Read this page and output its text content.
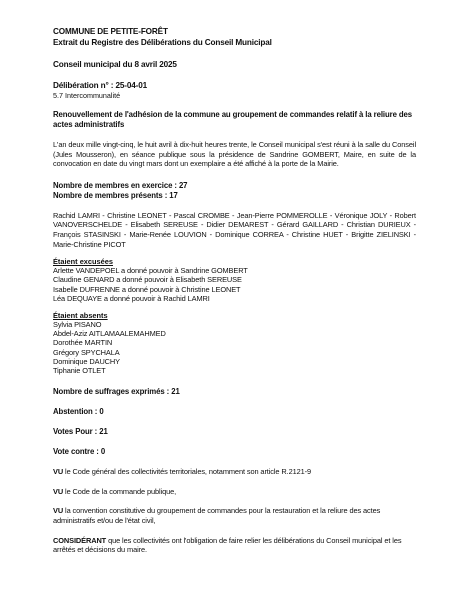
COMMUNE DE PETITE-FORÊT
Extrait du Registre des Délibérations du Conseil Municipal
Conseil municipal du 8 avril 2025
Délibération n° : 25-04-01
5.7 Intercommunalité
Renouvellement de l'adhésion de la commune au groupement de commandes relatif à la reliure des actes administratifs
L'an deux mille vingt-cinq, le huit avril à dix-huit heures trente, le Conseil municipal s'est réuni à la salle du Conseil (Jules Mousseron), en séance publique sous la présidence de Sandrine GOMBERT, Maire, en suite de la convocation en date du vingt mars dont un exemplaire a été affiché à la porte de la Mairie.
Nombre de membres en exercice : 27
Nombre de membres présents : 17
Rachid LAMRI - Christine LEONET - Pascal CROMBE - Jean-Pierre POMMEROLLE - Véronique JOLY - Robert VANOVERSCHELDE - Elisabeth SEREUSE - Didier DEMAREST - Gérard GAILLARD - Christian DURIEUX - François STASINSKI - Marie-Renée LOUVION - Dominique CORREA - Christine HUET - Brigitte ZIELINSKI - Marie-Christine PICOT
Étaient excusées
Arlette VANDEPOEL a donné pouvoir à Sandrine GOMBERT
Claudine GENARD a donné pouvoir à Elisabeth SEREUSE
Isabelle DUFRENNE a donné pouvoir à Christine LEONET
Léa DEQUAYE a donné pouvoir à Rachid LAMRI
Étaient absents
Sylvia PISANO
Abdel-Aziz AITLAMAALEMAHMED
Dorothée MARTIN
Grégory SPYCHALA
Dominique DAUCHY
Tiphanie OTLET
Nombre de suffrages exprimés : 21
Abstention : 0
Votes Pour : 21
Vote contre : 0
VU le Code général des collectivités territoriales, notamment son article R.2121-9
VU le Code de la commande publique,
VU la convention constitutive du groupement de commandes pour la restauration et la reliure des actes administratifs et/ou de l'état civil,
CONSIDÉRANT que les collectivités ont l'obligation de faire relier les délibérations du Conseil municipal et les arrêtés et décisions du maire.
